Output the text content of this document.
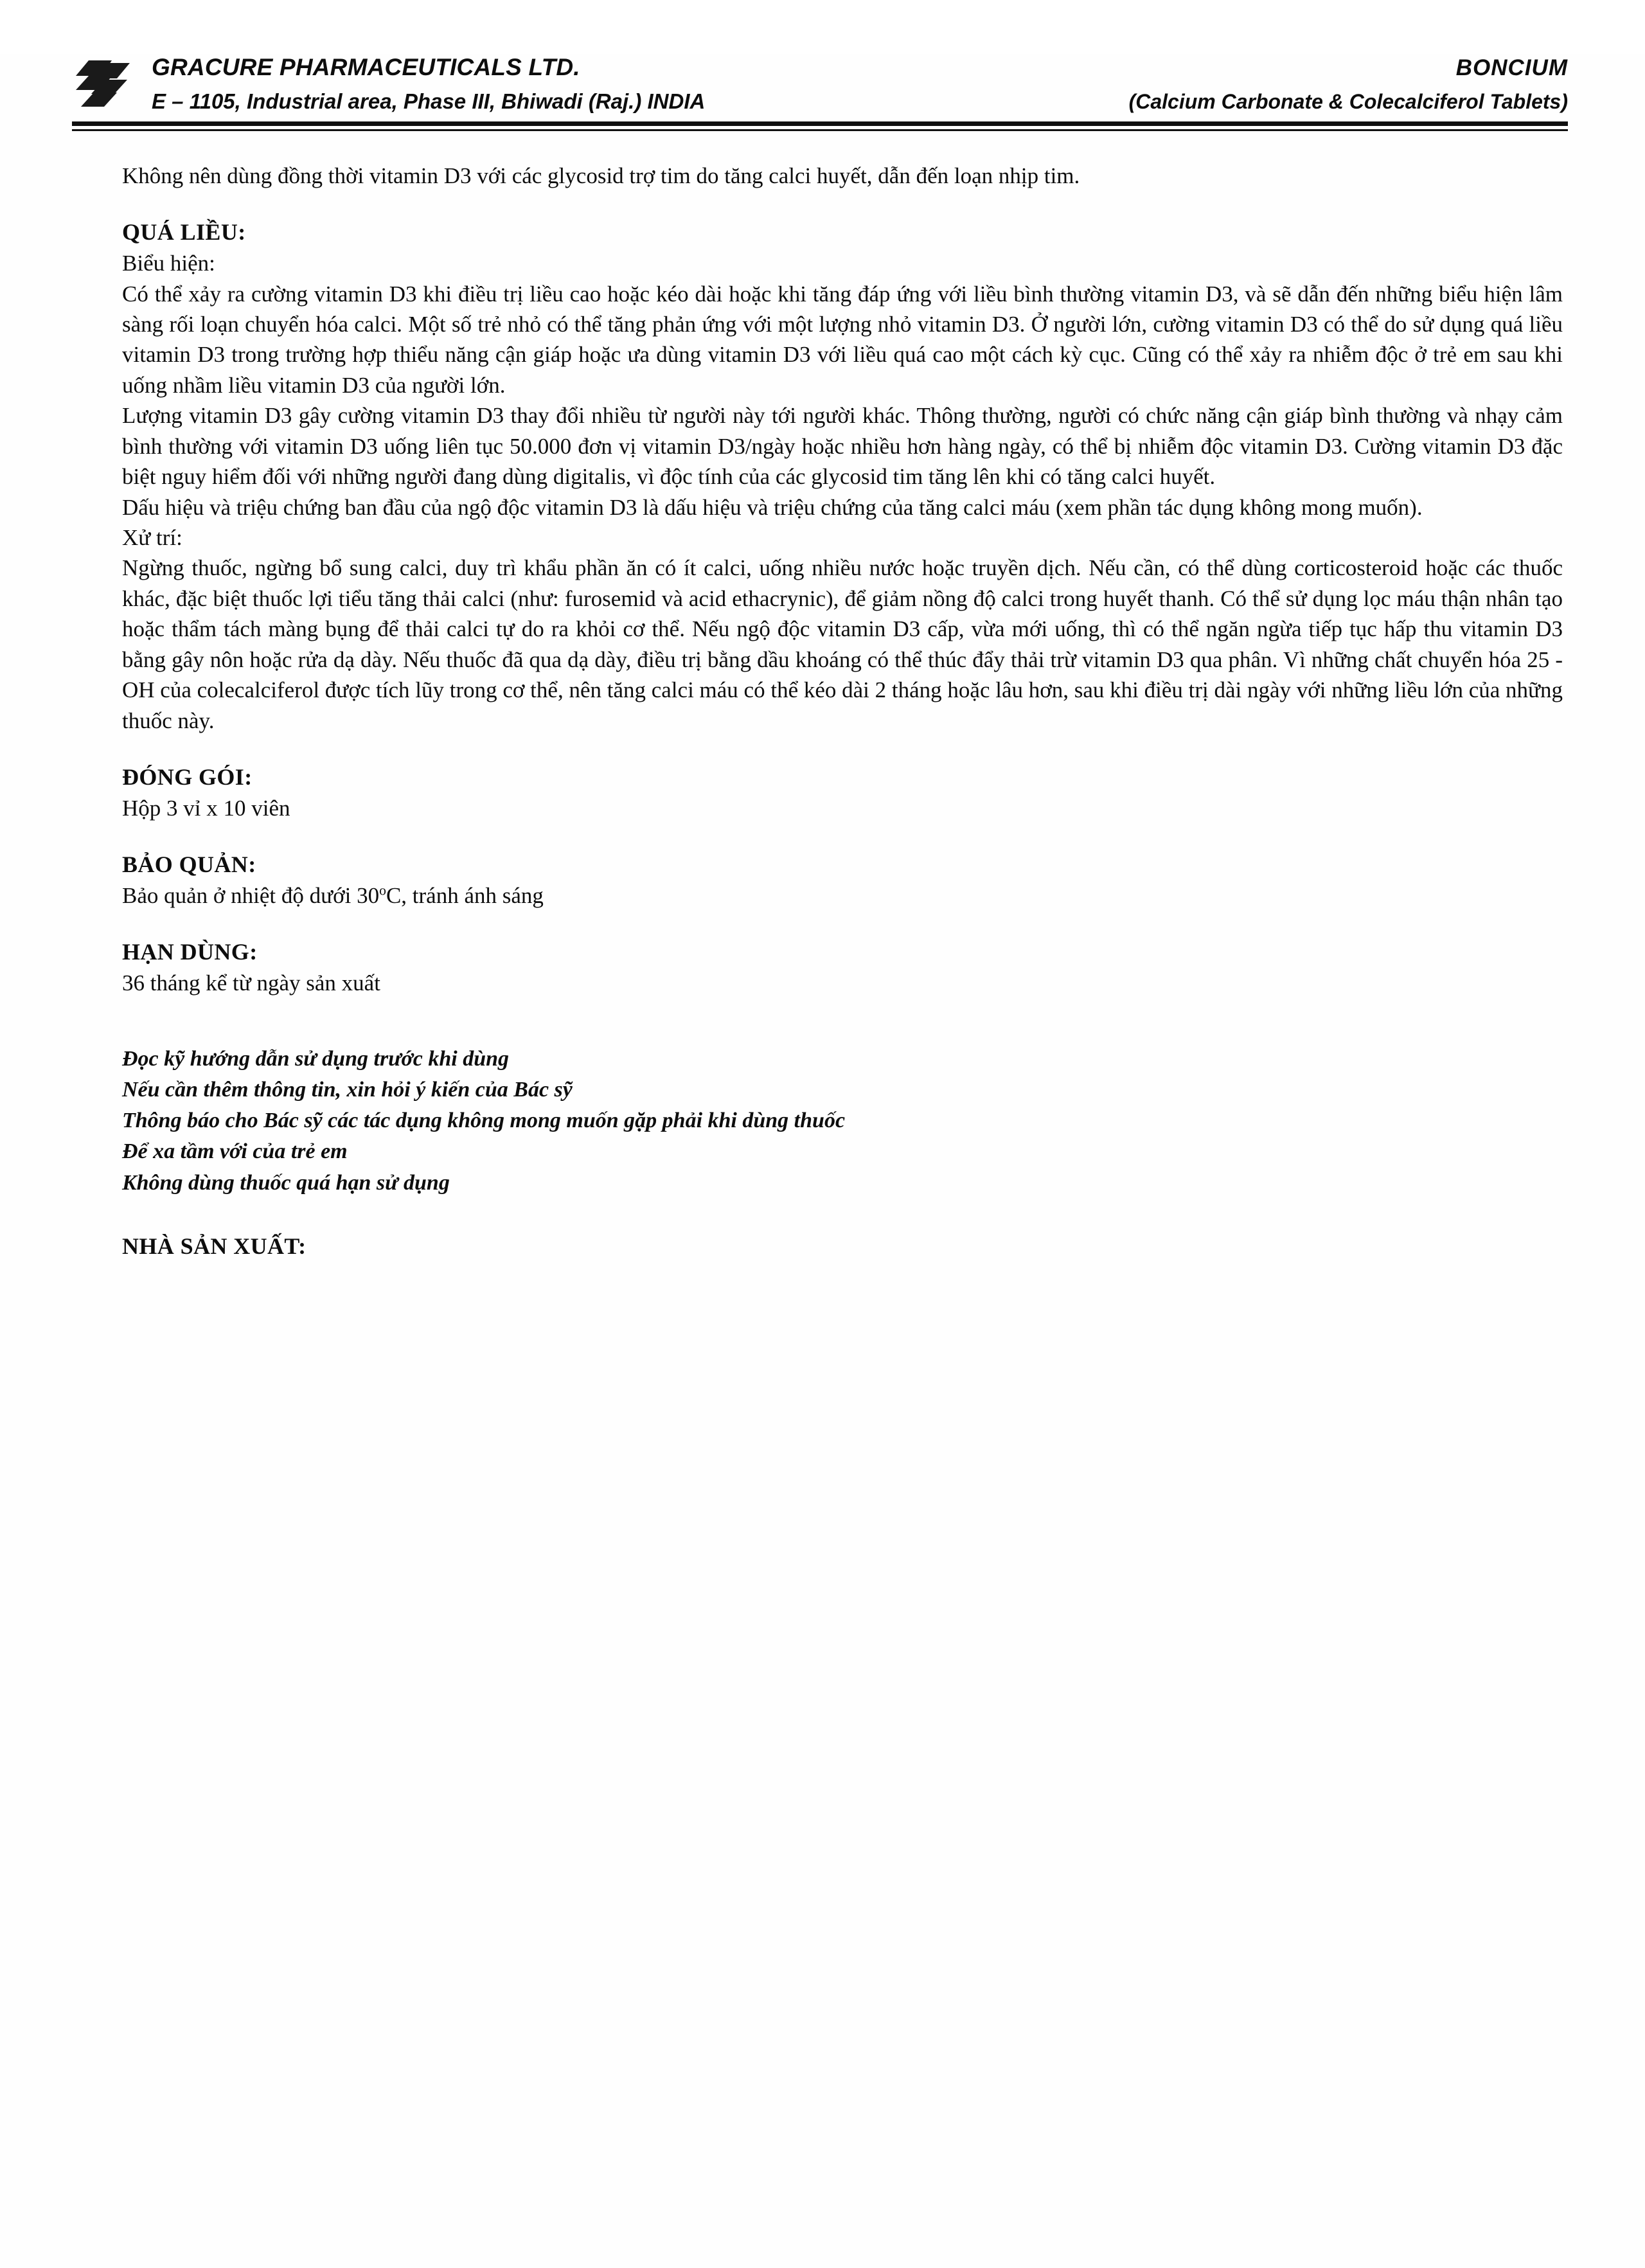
GRACURE PHARMACEUTICALS LTD.	BONCIUM
E – 1105, Industrial area, Phase III, Bhiwadi (Raj.) INDIA	(Calcium Carbonate & Colecalciferol Tablets)

Không nên dùng đồng thời vitamin D3 với các glycosid trợ tim do tăng calci huyết, dẫn đến loạn nhịp tim.

QUÁ LIỀU:

Biểu hiện:

Có thể xảy ra cường vitamin D3 khi điều trị liều cao hoặc kéo dài hoặc khi tăng đáp ứng với liều bình thường vitamin D3, và sẽ dẫn đến những biểu hiện lâm sàng rối loạn chuyển hóa calci. Một số trẻ nhỏ có thể tăng phản ứng với một lượng nhỏ vitamin D3. Ở người lớn, cường vitamin D3 có thể do sử dụng quá liều vitamin D3 trong trường hợp thiểu năng cận giáp hoặc ưa dùng vitamin D3 với liều quá cao một cách kỳ cục. Cũng có thể xảy ra nhiễm độc ở trẻ em sau khi uống nhầm liều vitamin D3 của người lớn.

Lượng vitamin D3 gây cường vitamin D3 thay đổi nhiều từ người này tới người khác. Thông thường, người có chức năng cận giáp bình thường và nhạy cảm bình thường với vitamin D3 uống liên tục 50.000 đơn vị vitamin D3/ngày hoặc nhiều hơn hàng ngày, có thể bị nhiễm độc vitamin D3. Cường vitamin D3 đặc biệt nguy hiểm đối với những người đang dùng digitalis, vì độc tính của các glycosid tim tăng lên khi có tăng calci huyết.

Dấu hiệu và triệu chứng ban đầu của ngộ độc vitamin D3 là dấu hiệu và triệu chứng của tăng calci máu (xem phần tác dụng không mong muốn).

Xử trí:

Ngừng thuốc, ngừng bổ sung calci, duy trì khẩu phần ăn có ít calci, uống nhiều nước hoặc truyền dịch. Nếu cần, có thể dùng corticosteroid hoặc các thuốc khác, đặc biệt thuốc lợi tiểu tăng thải calci (như: furosemid và acid ethacrynic), để giảm nồng độ calci trong huyết thanh. Có thể sử dụng lọc máu thận nhân tạo hoặc thẩm tách màng bụng để thải calci tự do ra khỏi cơ thể. Nếu ngộ độc vitamin D3 cấp, vừa mới uống, thì có thể ngăn ngừa tiếp tục hấp thu vitamin D3 bằng gây nôn hoặc rửa dạ dày. Nếu thuốc đã qua dạ dày, điều trị bằng dầu khoáng có thể thúc đẩy thải trừ vitamin D3 qua phân. Vì những chất chuyển hóa 25 - OH của colecalciferol được tích lũy trong cơ thể, nên tăng calci máu có thể kéo dài 2 tháng hoặc lâu hơn, sau khi điều trị dài ngày với những liều lớn của những thuốc này.

ĐÓNG GÓI:

Hộp 3 vỉ x 10 viên

BẢO QUẢN:

Bảo quản ở nhiệt độ dưới 30$^o$C, tránh ánh sáng

HẠN DÙNG:

36 tháng kể từ ngày sản xuất

Đọc kỹ hướng dẫn sử dụng trước khi dùng

Nếu cần thêm thông tin, xin hỏi ý kiến của Bác sỹ

Thông báo cho Bác sỹ các tác dụng không mong muốn gặp phải khi dùng thuốc

Để xa tầm với của trẻ em

Không dùng thuốc quá hạn sử dụng

NHÀ SẢN XUẤT:
